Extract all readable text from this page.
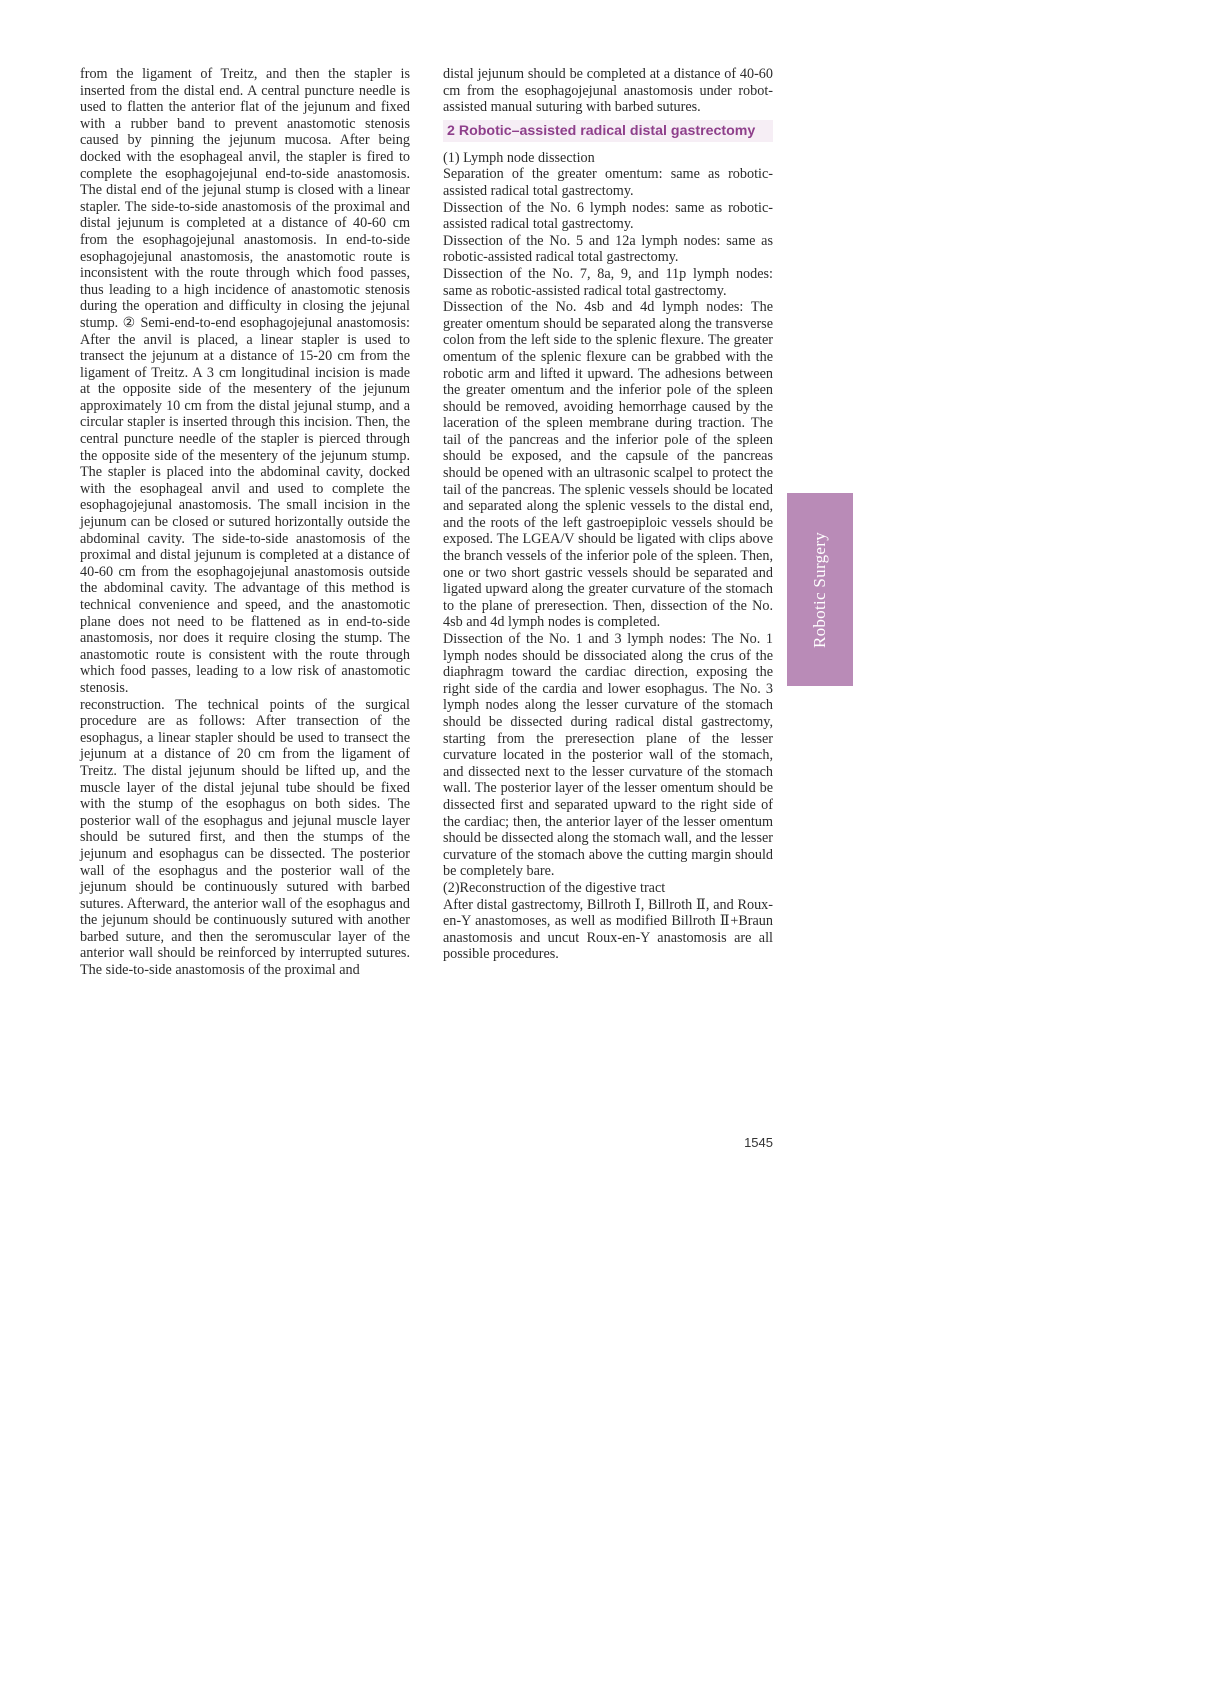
from the ligament of Treitz, and then the stapler is inserted from the distal end. A central puncture needle is used to flatten the anterior flat of the jejunum and fixed with a rubber band to prevent anastomotic stenosis caused by pinning the jejunum mucosa. After being docked with the esophageal anvil, the stapler is fired to complete the esophagojejunal end-to-side anastomosis. The distal end of the jejunal stump is closed with a linear stapler. The side-to-side anastomosis of the proximal and distal jejunum is completed at a distance of 40-60 cm from the esophagojejunal anastomosis. In end-to-side esophagojejunal anastomosis, the anastomotic route is inconsistent with the route through which food passes, thus leading to a high incidence of anastomotic stenosis during the operation and difficulty in closing the jejunal stump. ② Semi-end-to-end esophagojejunal anastomosis: After the anvil is placed, a linear stapler is used to transect the jejunum at a distance of 15-20 cm from the ligament of Treitz. A 3 cm longitudinal incision is made at the opposite side of the mesentery of the jejunum approximately 10 cm from the distal jejunal stump, and a circular stapler is inserted through this incision. Then, the central puncture needle of the stapler is pierced through the opposite side of the mesentery of the jejunum stump. The stapler is placed into the abdominal cavity, docked with the esophageal anvil and used to complete the esophagojejunal anastomosis. The small incision in the jejunum can be closed or sutured horizontally outside the abdominal cavity. The side-to-side anastomosis of the proximal and distal jejunum is completed at a distance of 40-60 cm from the esophagojejunal anastomosis outside the abdominal cavity. The advantage of this method is technical convenience and speed, and the anastomotic plane does not need to be flattened as in end-to-side anastomosis, nor does it require closing the stump. The anastomotic route is consistent with the route through which food passes, leading to a low risk of anastomotic stenosis.

reconstruction. The technical points of the surgical procedure are as follows: After transection of the esophagus, a linear stapler should be used to transect the jejunum at a distance of 20 cm from the ligament of Treitz. The distal jejunum should be lifted up, and the muscle layer of the distal jejunal tube should be fixed with the stump of the esophagus on both sides. The posterior wall of the esophagus and jejunal muscle layer should be sutured first, and then the stumps of the jejunum and esophagus can be dissected. The posterior wall of the esophagus and the posterior wall of the jejunum should be continuously sutured with barbed sutures. Afterward, the anterior wall of the esophagus and the jejunum should be continuously sutured with another barbed suture, and then the seromuscular layer of the anterior wall should be reinforced by interrupted sutures. The side-to-side anastomosis of the proximal and

distal jejunum should be completed at a distance of 40-60 cm from the esophagojejunal anastomosis under robot-assisted manual suturing with barbed sutures.

2 Robotic–assisted radical distal gastrectomy

(1) Lymph node dissection

Separation of the greater omentum: same as robotic-assisted radical total gastrectomy.

Dissection of the No. 6 lymph nodes: same as robotic-assisted radical total gastrectomy.

Dissection of the No. 5 and 12a lymph nodes: same as robotic-assisted radical total gastrectomy.

Dissection of the No. 7, 8a, 9, and 11p lymph nodes: same as robotic-assisted radical total gastrectomy.

Dissection of the No. 4sb and 4d lymph nodes: The greater omentum should be separated along the transverse colon from the left side to the splenic flexure. The greater omentum of the splenic flexure can be grabbed with the robotic arm and lifted it upward. The adhesions between the greater omentum and the inferior pole of the spleen should be removed, avoiding hemorrhage caused by the laceration of the spleen membrane during traction. The tail of the pancreas and the inferior pole of the spleen should be exposed, and the capsule of the pancreas should be opened with an ultrasonic scalpel to protect the tail of the pancreas. The splenic vessels should be located and separated along the splenic vessels to the distal end, and the roots of the left gastroepiploic vessels should be exposed. The LGEA/V should be ligated with clips above the branch vessels of the inferior pole of the spleen. Then, one or two short gastric vessels should be separated and ligated upward along the greater curvature of the stomach to the plane of preresection. Then, dissection of the No. 4sb and 4d lymph nodes is completed.

Dissection of the No. 1 and 3 lymph nodes: The No. 1 lymph nodes should be dissociated along the crus of the diaphragm toward the cardiac direction, exposing the right side of the cardia and lower esophagus. The No. 3 lymph nodes along the lesser curvature of the stomach should be dissected during radical distal gastrectomy, starting from the preresection plane of the lesser curvature located in the posterior wall of the stomach, and dissected next to the lesser curvature of the stomach wall. The posterior layer of the lesser omentum should be dissected first and separated upward to the right side of the cardiac; then, the anterior layer of the lesser omentum should be dissected along the stomach wall, and the lesser curvature of the stomach above the cutting margin should be completely bare.

(2)Reconstruction of the digestive tract

After distal gastrectomy, Billroth Ⅰ, Billroth Ⅱ, and Roux-en-Y anastomoses, as well as modified Billroth Ⅱ+Braun anastomosis and uncut Roux-en-Y anastomosis are all possible procedures.

Robotic Surgery
1545
